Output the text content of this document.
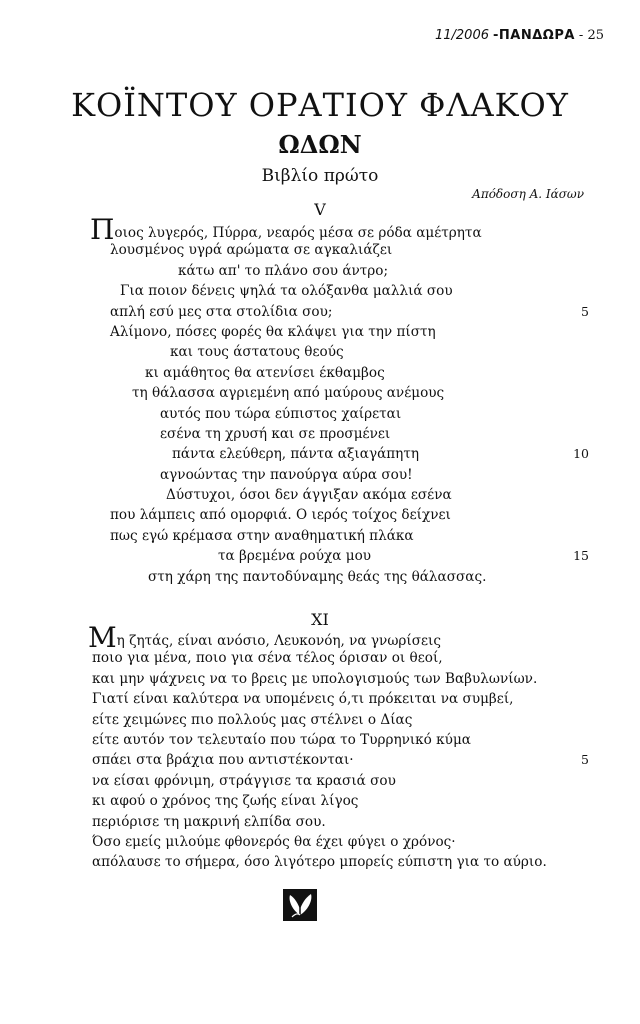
11/2006 -ΠΑΝΔΩΡΑ - 25
ΚΟΪΝΤΟΥ ΟΡΑΤΙΟΥ ΦΛΑΚΟΥ
ΩΔΩΝ
Βιβλίο πρώτο
Απόδοση Α. Ιάσων
V
Ποιος λυγερός, Πύρρα, νεαρός μέσα σε ρόδα αμέτρητα
λουσμένος υγρά αρώματα σε αγκαλιάζει
κάτω απ' το πλάνο σου άντρο;
Για ποιον δένεις ψηλά τα ολόξανθα μαλλιά σου
απλή εσύ μες στα στολίδια σου;	5
Αλίμονο, πόσες φορές θα κλάψει για την πίστη
και τους άστατους θεούς
κι αμάθητος θα ατενίσει έκθαμβος
τη θάλασσα αγριεμένη από μαύρους ανέμους
αυτός που τώρα εύπιστος χαίρεται
εσένα τη χρυσή και σε προσμένει
πάντα ελεύθερη, πάντα αξιαγάπητη	10
αγνοώντας την πανούργα αύρα σου!
Δύστυχοι, όσοι δεν άγγιξαν ακόμα εσένα
που λάμπεις από ομορφιά. Ο ιερός τοίχος δείχνει
πως εγώ κρέμασα στην αναθηματική πλάκα
τα βρεμένα ρούχα μου	15
στη χάρη της παντοδύναμης θεάς της θάλασσας.
XI
Μη ζητάς, είναι ανόσιο, Λευκονόη, να γνωρίσεις
ποιο για μένα, ποιο για σένα τέλος όρισαν οι θεοί,
και μην ψάχνεις να το βρεις με υπολογισμούς των Βαβυλωνίων.
Γιατί είναι καλύτερα να υπομένεις ό,τι πρόκειται να συμβεί,
είτε χειμώνες πιο πολλούς μας στέλνει ο Δίας
είτε αυτόν τον τελευταίο που τώρα το Τυρρηνικό κύμα
σπάει στα βράχια που αντιστέκονται·	5
να είσαι φρόνιμη, στράγγισε τα κρασιά σου
κι αφού ο χρόνος της ζωής είναι λίγος
περιόρισε τη μακρινή ελπίδα σου.
Όσο εμείς μιλούμε φθονερός θα έχει φύγει ο χρόνος·
απόλαυσε το σήμερα, όσο λιγότερο μπορείς εύπιστη για το αύριο.
